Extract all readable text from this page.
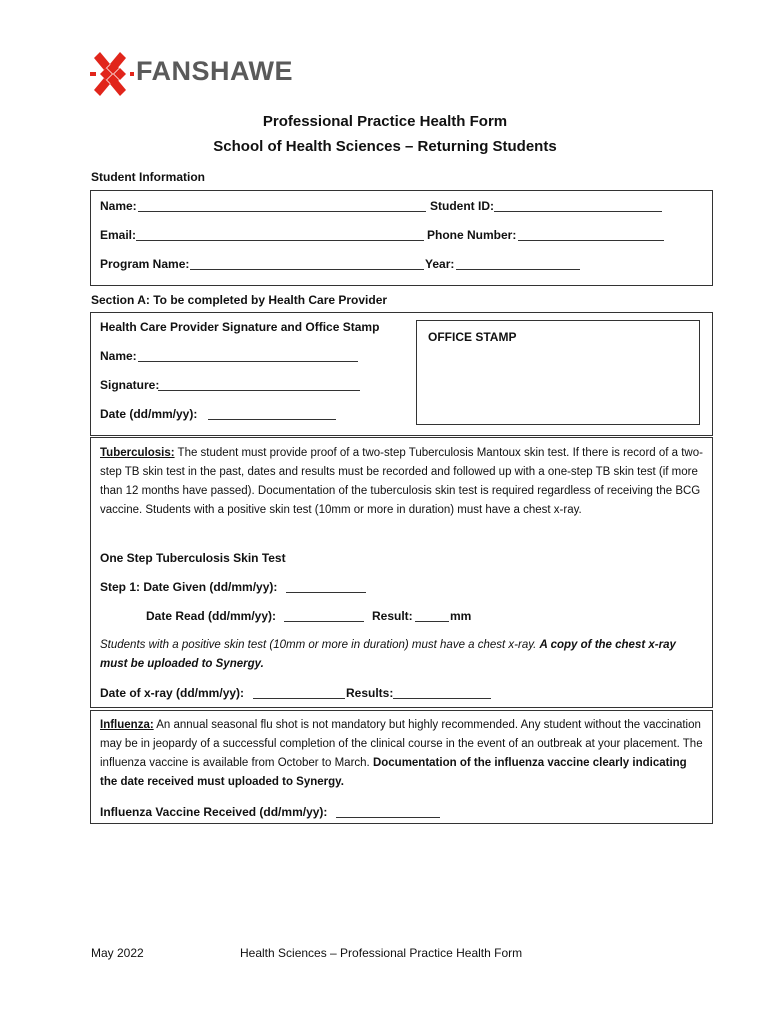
FANSHAWE
Professional Practice Health Form
School of Health Sciences – Returning Students
Student Information
Name:	Student ID:
Email:	Phone Number:
Program Name:	Year:
Section A: To be completed by Health Care Provider
Health Care Provider Signature and Office Stamp
Name:
Signature:
Date (dd/mm/yy):
OFFICE STAMP
Tuberculosis: The student must provide proof of a two-step Tuberculosis Mantoux skin test. If there is record of a two-step TB skin test in the past, dates and results must be recorded and followed up with a one-step TB skin test (if more than 12 months have passed). Documentation of the tuberculosis skin test is required regardless of receiving the BCG vaccine. Students with a positive skin test (10mm or more in duration) must have a chest x-ray.
One Step Tuberculosis Skin Test
Step 1: Date Given (dd/mm/yy):
Date Read (dd/mm/yy):	Result:	mm
Students with a positive skin test (10mm or more in duration) must have a chest x-ray. A copy of the chest x-ray must be uploaded to Synergy.
Date of x-ray (dd/mm/yy):	Results:
Influenza: An annual seasonal flu shot is not mandatory but highly recommended. Any student without the vaccination may be in jeopardy of a successful completion of the clinical course in the event of an outbreak at your placement. The influenza vaccine is available from October to March. Documentation of the influenza vaccine clearly indicating the date received must uploaded to Synergy.
Influenza Vaccine Received (dd/mm/yy):
May 2022	Health Sciences – Professional Practice Health Form
